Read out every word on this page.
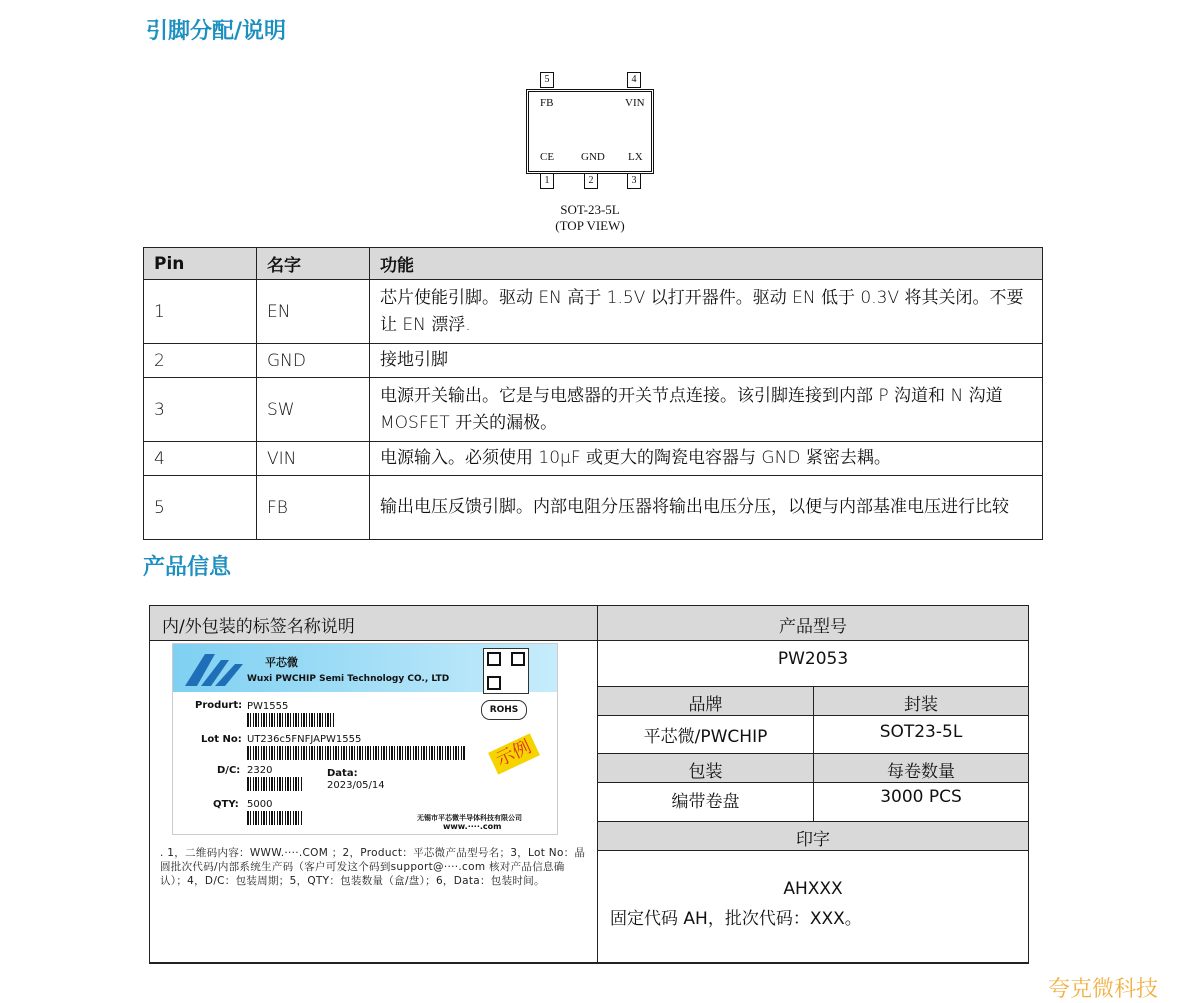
引脚分配/说明
5	4
FB	VIN
CE GND LX
1	2	3
SOT-23-5L
(TOP VIEW)
Pin	名字	功能
1	EN	芯片使能引脚。驱动 EN 高于 1.5V 以打开器件。驱动 EN 低于 0.3V 将其关闭。不要让 EN 漂浮.
2	GND	接地引脚
3	SW	电源开关输出。它是与电感器的开关节点连接。该引脚连接到内部 P 沟道和 N 沟道 MOSFET 开关的漏极。
4	VIN	电源输入。必须使用 10μF 或更大的陶瓷电容器与 GND 紧密去耦。
5	FB	输出电压反馈引脚。内部电阻分压器将输出电压分压，以便与内部基准电压进行比较
产品信息
内/外包装的标签名称说明
. 1，二维码内容：WWW.····.COM ；2，Product：平芯微产品型号名；3，Lot No：晶圆批次代码/内部系统生产码（客户可发这个码到support@····.com 核对产品信息确认）；4，D/C：包装周期；5，QTY：包装数量（盒/盘）；6，Data：包装时间。
产品型号
PW2053
品牌	封装
平芯微/PWCHIP	SOT23-5L
包装	每卷数量
编带卷盘	3000 PCS
印字
AHXXX
固定代码 AH，批次代码：XXX。
平芯微
Wuxi PWCHIP Semi Technology CO., LTD
Produrt: PW1555	ROHS
Lot No: UT236c5FNFJAPW1555	示例
D/C: 2320	Data:
2023/05/14
QTY: 5000
无锡市平芯微半导体科技有限公司
www.····.com
夸克微科技
